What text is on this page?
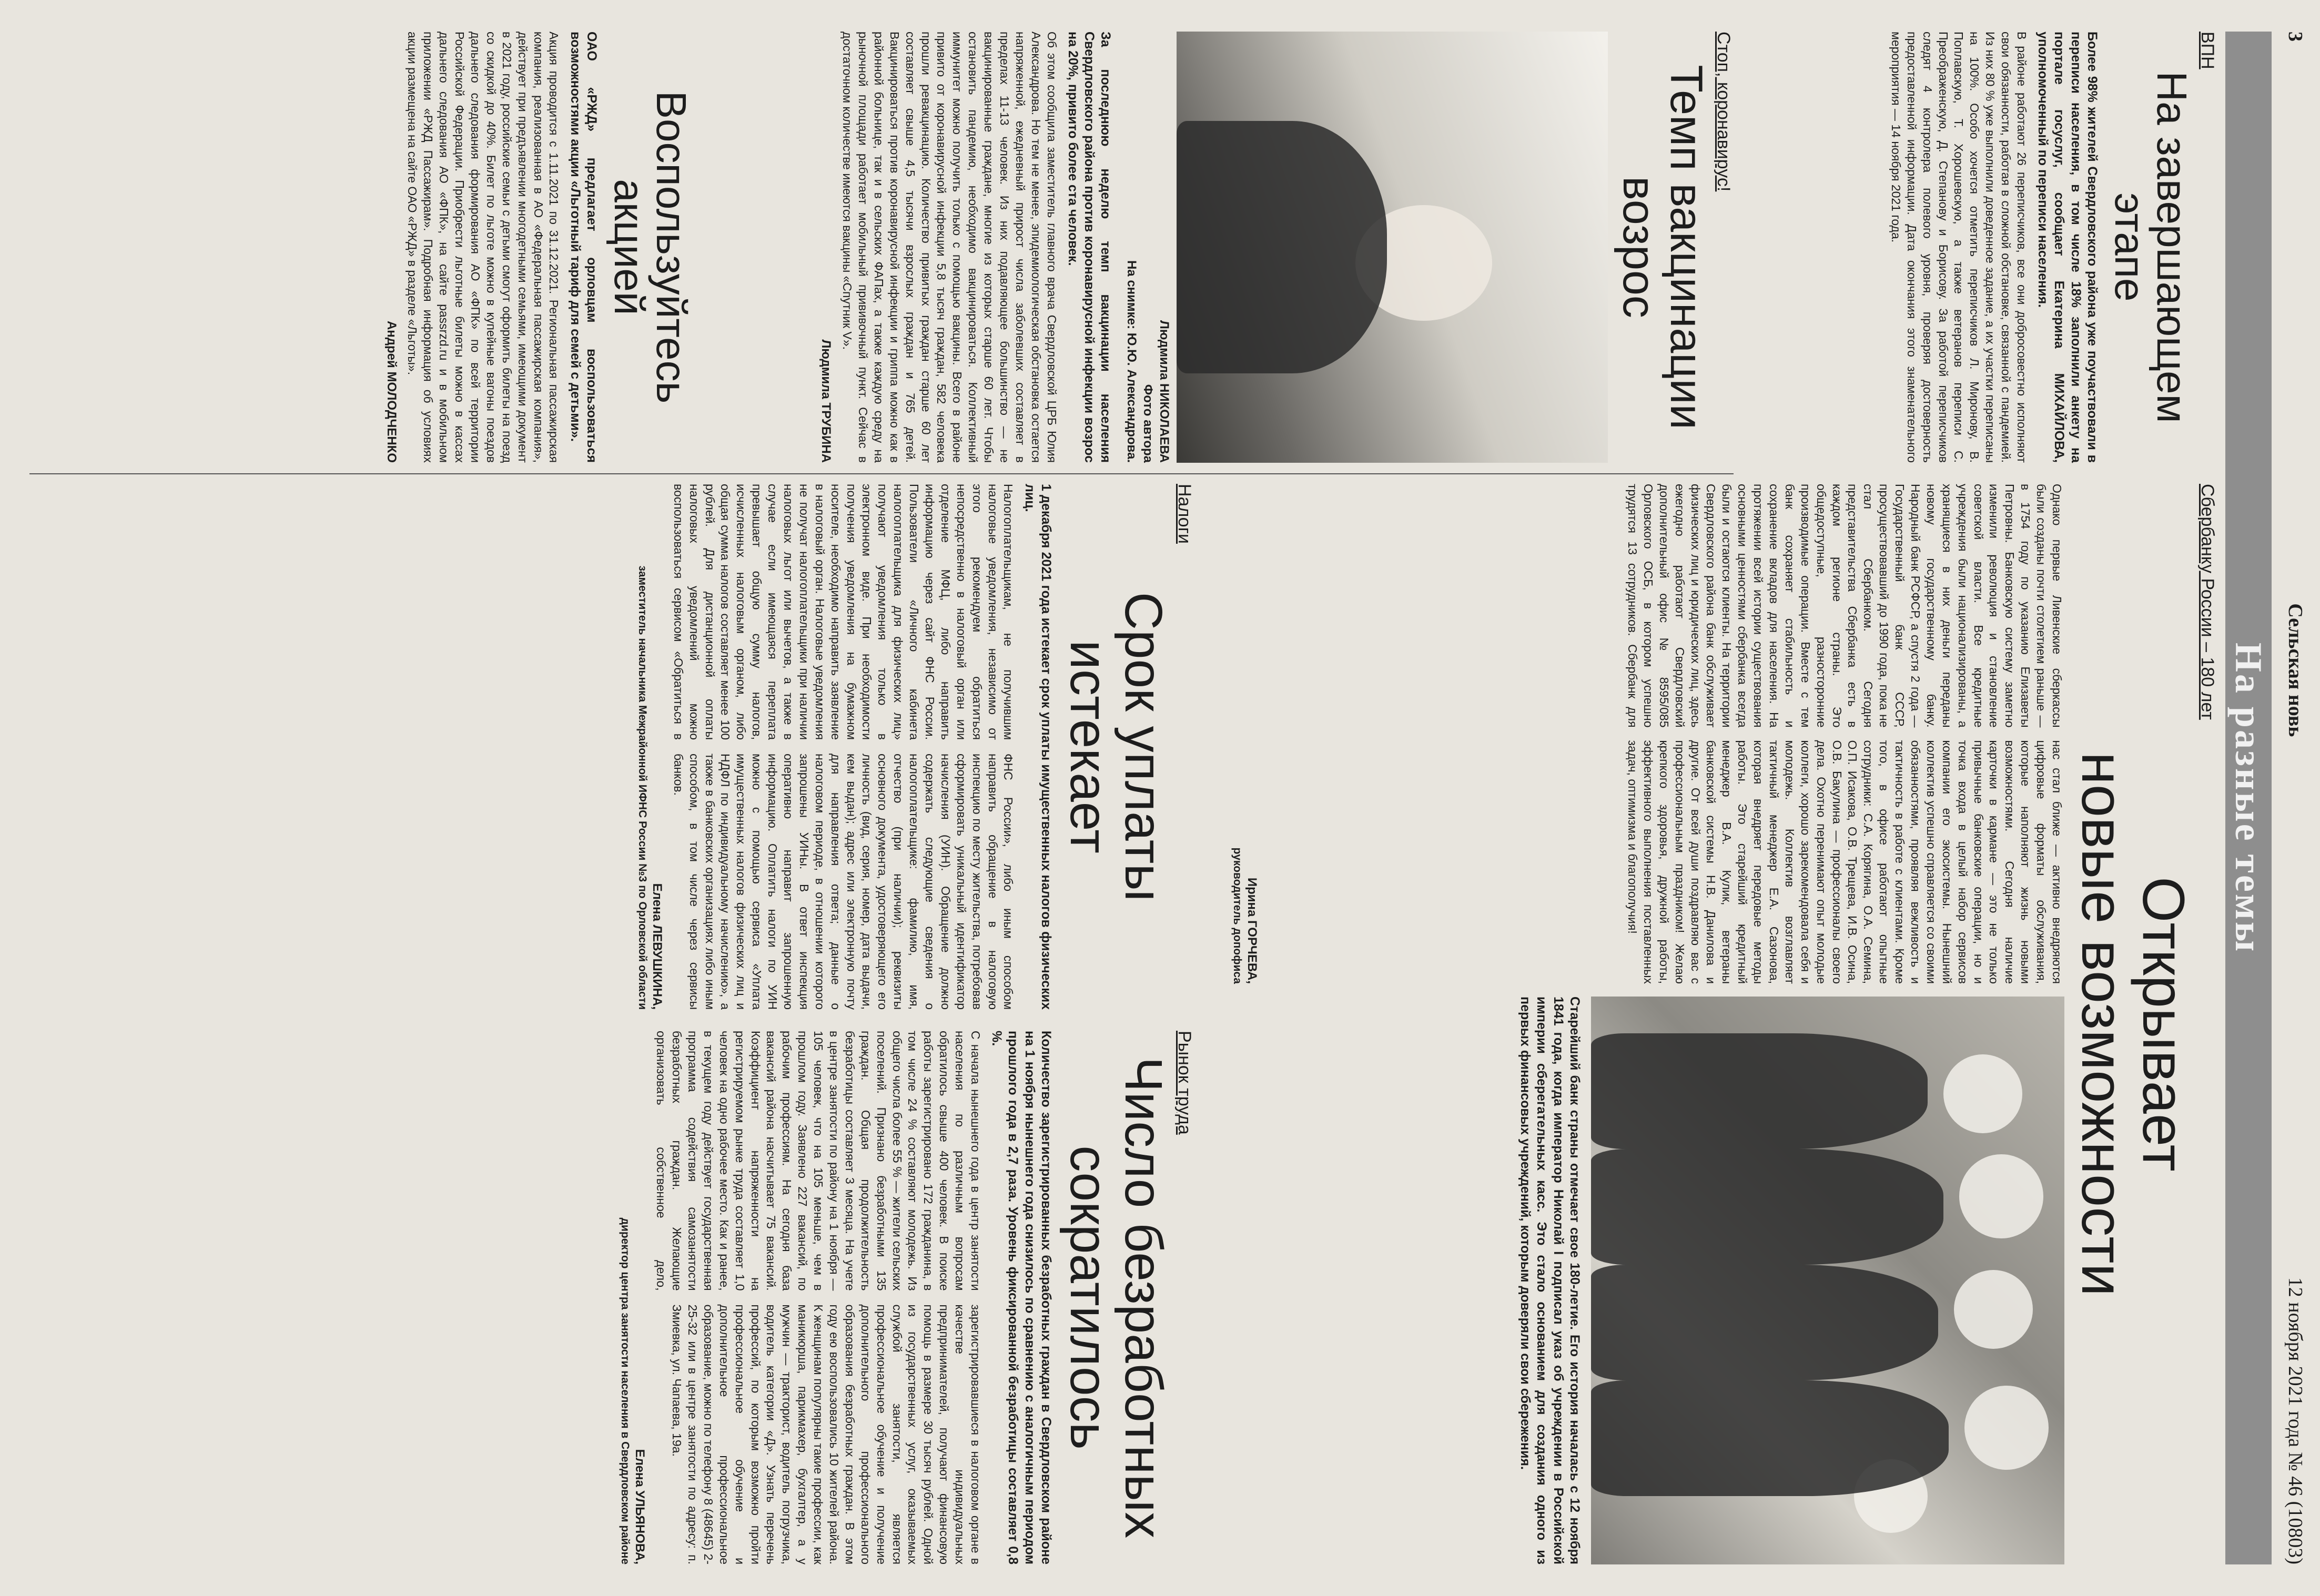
3
Сельская новь
12 ноября 2021 года № 46 (10803)
На разные темы
ВПН
На завершающем этапе

Более 98% жителей Свердловского района уже поучаствовали в переписи населения, в том числе 18% заполнили анкету на портале госуслуг, сообщает Екатерина МИХАЙЛОВА, уполномоченный по переписи населения.

В районе работают 26 переписчиков, все они добросовестно исполняют свои обязанности, работая в сложной обстановке, связанной с пандемией. Из них 80 % уже выполнили доведенное задание, а их участки переписаны на 100%. Особо хочется отметить переписчиков Л. Миронову, В. Поплавскую, Т. Хорошевскую, а также ветеранов переписи С. Преображенскую, Д. Степанову и Борисову. За работой переписчиков следят 4 контролера полевого уровня, проверяя достоверность предоставленной информации. Дата окончания этого знаменательного мероприятия — 14 ноября 2021 года.

Сбербанку России – 180 лет
Открывает
новые возможности

Однако первые Ливенские сберкассы были созданы почти столетием раньше — в 1754 году по указанию Елизаветы Петровны. Банковскую систему заметно изменили революция и становление советской власти. Все кредитные учреждения были национализированы, а хранящиеся в них деньги переданы новому государственному банку. Народный банк РСФСР, а спустя 2 года — Государственный банк СССР, просуществовавший до 1990 года, пока не стал Сбербанком. Сегодня представительства Сбербанка есть в каждом регионе страны. Это общедоступные, разносторонние производимые операции. Вместе с тем банк сохраняет стабильность и сохранение вкладов для населения. На протяжении всей истории существования основными ценностями сбербанка всегда были и остаются клиенты. На территории Свердловского района банк обслуживает физических лиц и юридических лиц, здесь ежегодно работают Свердловский дополнительный офис № 8595/085 Орловского ОСБ, в котором успешно трудятся 13 сотрудников. Сбербанк для нас стал ближе — активно внедряются цифровые форматы обслуживания, которые наполняют жизнь новыми возможностями. Сегодня наличие карточки в кармане — это не только привычные банковские операции, но и точка входа в целый набор сервисов компании его экосистемы. Нынешний коллектив успешно справляется со своими обязанностями, проявляя вежливость и тактичность в работе с клиентами. Кроме того, в офисе работают опытные сотрудники: С.А. Корягина, О.А. Семина, О.П. Исакова, О.В. Трещева, И.В. Осина, О.В. Бакулина — профессионалы своего дела. Охотно перенимают опыт молодые коллеги, хорошо зарекомендовала себя и молодежь. Коллектив возглавляет тактичный менеджер Е.А. Сазонова, которая внедряет передовые методы работы. Это старейший кредитный менеджер В.А. Кулик, ветераны банковской системы Н.В. Данилова и другие. От всей души поздравляю вас с профессиональным праздником! Желаю крепкого здоровья, дружной работы, эффективного выполнения поставленных задач, оптимизма и благополучия!

Ирина ГОРЧЕВА,
руководитель допофиса

Старейший банк страны отмечает свое 180-летие. Его история началась с 12 ноября 1841 года, когда император Николай I подписал указ об учреждении в Российской империи сберегательных касс. Это стало основанием для создания одного из первых финансовых учреждений, которым доверяли свои сбережения.

Стоп, коронавирус!
Темп вакцинации
возрос
Людмила НИКОЛАЕВА
Фото автора
На снимке: Ю.Ю. Александрова.

За последнюю неделю темп вакцинации населения Свердловского района против коронавирусной инфекции возрос на 20%, привито более ста человек.

Об этом сообщила заместитель главного врача Свердловской ЦРБ Юлия Александрова. Но тем не менее, эпидемиологическая обстановка остается напряженной, ежедневный прирост числа заболевших составляет в пределах 11-13 человек. Из них подавляющее большинство — не вакцинированные граждане, многие из которых старше 60 лет. Чтобы остановить пандемию, необходимо вакцинироваться. Коллективный иммунитет можно получить только с помощью вакцины. Всего в районе привито от коронавирусной инфекции 5,8 тысяч граждан, 582 человека прошли ревакцинацию. Количество привитых граждан старше 60 лет составляет свыше 4,5 тысячи взрослых граждан и 765 детей. Вакцинироваться против коронавирусной инфекции и гриппа можно как в районной больнице, так и в сельских ФАПах, а также каждую среду на рыночной площади работает мобильный прививочный пункт. Сейчас в достаточном количестве имеются вакцины «Спутник V».

Людмила ТРУБИНА
Воспользуйтесь акцией

ОАО «РЖД» предлагает орловцам воспользоваться возможностями акции «Льготный тариф для семей с детьми».

Акция проводится с 1.11.2021 по 31.12.2021. Региональная пассажирская компания, реализованная в АО «Федеральная пассажирская компания», действует при предъявлении многодетными семьями, имеющими документ в 2021 году, российские семьи с детьми смогут оформить билеты на поезд со скидкой до 40%. Билет по льготе можно в купейные вагоны поездов дальнего следования формирования АО «ФПК» по всей территории Российской Федерации. Приобрести льготные билеты можно в кассах дальнего следования АО «ФПК», на сайте passrzd.ru и в мобильном приложении «РЖД Пассажирам». Подробная информация об условиях акции размещена на сайте ОАО «РЖД» в разделе «Льготы».

Андрей МОЛОДЧЕНКО
Налоги
Срок уплаты
истекает

1 декабря 2021 года истекает срок уплаты имущественных налогов физических лиц.

Налогоплательщикам, не получившим налоговые уведомления, независимо от этого рекомендуем обратиться непосредственно в налоговый орган или отделение МФЦ, либо направить информацию через сайт ФНС России. Пользователи «Личного кабинета налогоплательщика для физических лиц» получают уведомления только в электронном виде. При необходимости получения уведомления на бумажном носителе, необходимо направить заявление в налоговый орган. Налоговые уведомления не получат налогоплательщики при наличии налоговых льгот или вычетов, а также в случае если имеющаяся переплата превышает общую сумму налогов, исчисленных налоговым органом, либо общая сумма налогов составляет менее 100 рублей. Для дистанционной оплаты налоговых уведомлений можно воспользоваться сервисом «Обратиться в ФНС России», либо иным способом направить обращение в налоговую инспекцию по месту жительства, потребовав сформировать уникальный идентификатор начисления (УИН). Обращение должно содержать следующие сведения о налогоплательщике: фамилию, имя, отчество (при наличии); реквизиты основного документа, удостоверяющего его личность (вид, серия, номер, дата выдачи, кем выдан); адрес или электронную почту для направления ответа; данные о налоговом периоде, в отношении которого запрошены УИНы. В ответ инспекция оперативно направит запрошенную информацию. Оплатить налоги по УИН можно с помощью сервиса «Уплата имущественных налогов физических лиц и НДФЛ по индивидуальному начислению», а также в банковских организациях либо иным способом, в том числе через сервисы банков.

Елена ЛЕВУШКИНА,
заместитель начальника Межрайонной ИФНС России №3 по Орловской области
Рынок труда
Число безработных
сократилось

Количество зарегистрированных безработных граждан в Свердловском районе на 1 ноября нынешнего года снизилось по сравнению с аналогичным периодом прошлого года в 2,7 раза. Уровень фиксированной безработицы составляет 0,8 %.

С начала нынешнего года в центр занятости населения по различным вопросам обратилось свыше 400 человек. В поиске работы зарегистрировано 172 гражданина, в том числе 24 % составляют молодежь. Из общего числа более 55 % — жители сельских поселений. Признано безработными 135 граждан. Общая продолжительность безработицы составляет 3 месяца. На учете в центре занятости по району на 1 ноября — 105 человек, что на 105 меньше, чем в прошлом году. Заявлено 227 вакансий, по рабочим профессиям. На сегодня база вакансий района насчитывает 75 вакансий. Коэффициент напряженности на регистрируемом рынке труда составляет 1,0 человек на одно рабочее место. Как и ранее, в текущем году действует государственная программа содействия самозанятости безработных граждан. Желающие организовать собственное дело, зарегистрировавшиеся в налоговом органе в качестве индивидуальных предпринимателей, получают финансовую помощь в размере 30 тысяч рублей. Одной из государственных услуг, оказываемых службой занятости, является профессиональное обучение и получение дополнительного профессионального образования безработных граждан. В этом году ею воспользовались 10 жителей района. К женщинам популярны такие профессии, как маникюрша, парикмахер, бухгалтер, а у мужчин — тракторист, водитель погрузчика, водитель категории «Д». Узнать перечень профессий, по которым возможно пройти профессиональное обучение и дополнительное профессиональное образование, можно по телефону 8 (48645) 2-25-32 или в центре занятости по адресу: п. Змиевка, ул. Чапаева, 19а.

Елена УЛЬЯНОВА,
директор центра занятости населения в Свердловском районе
